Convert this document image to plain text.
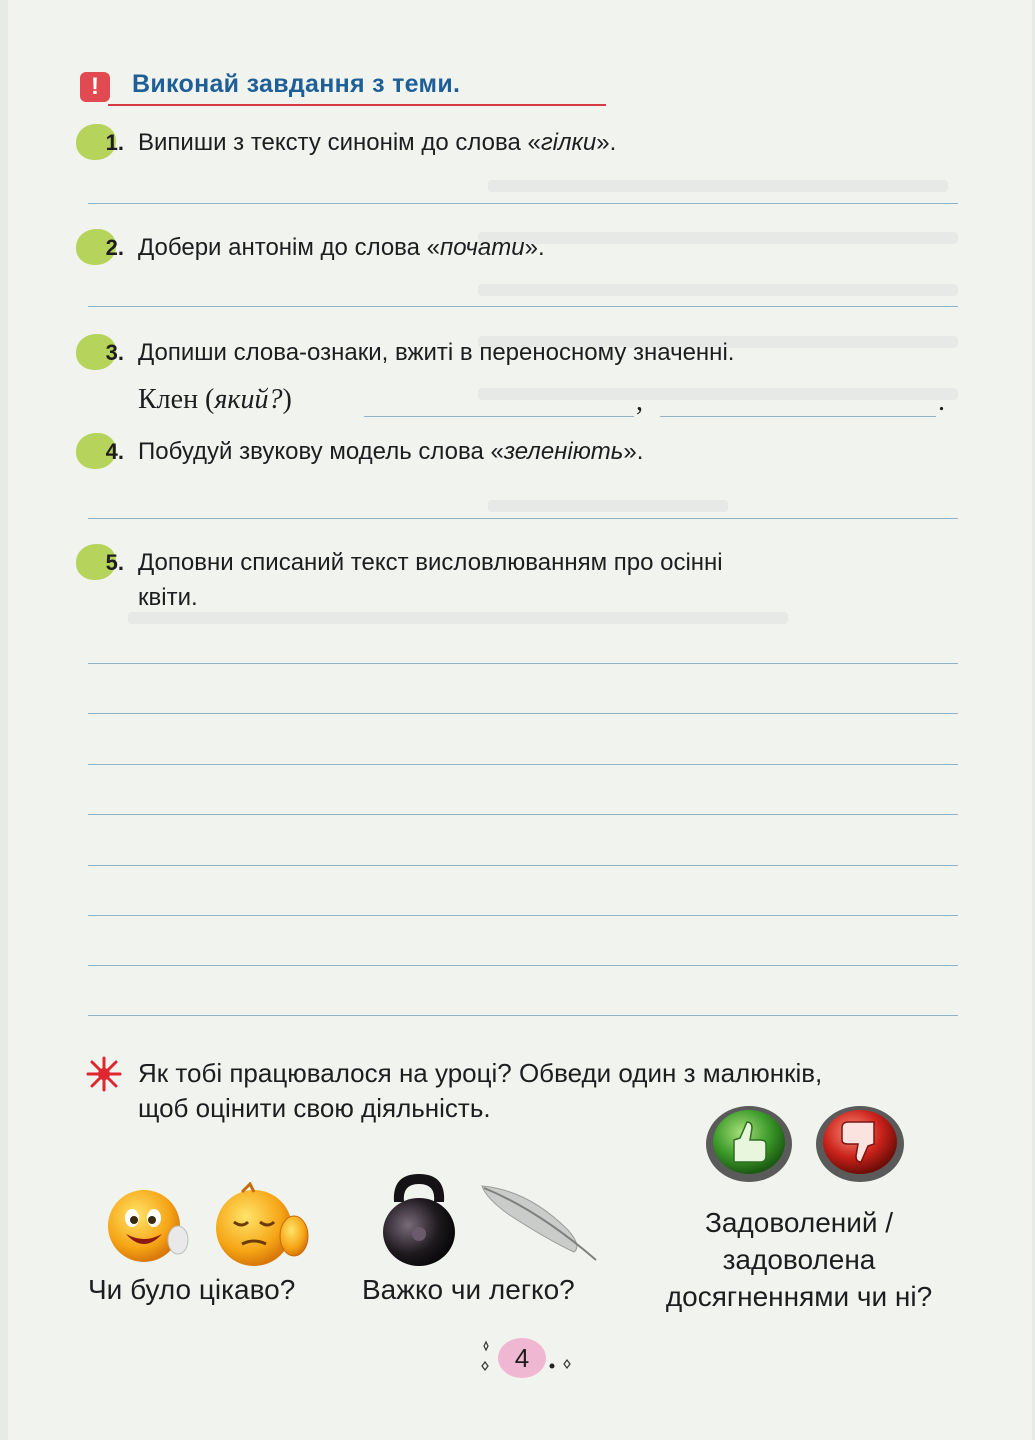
!	Виконай завдання з теми.
1. Випиши з тексту синонім до слова «гілки».
2. Добери антонім до слова «почати».
3. Допиши слова-ознаки, вжиті в переносному значенні.
Клен (який?)	,	.
4. Побудуй звукову модель слова «зеленіють».
5. Доповни списаний текст висловлюванням про осінні
квіти.
Як тобі працювалося на уроці? Обведи один з малюнків,
щоб оцінити свою діяльність.
Чи було цікаво? Важко чи легко?
Задоволений /
задоволена
досягненнями чи ні?
4
